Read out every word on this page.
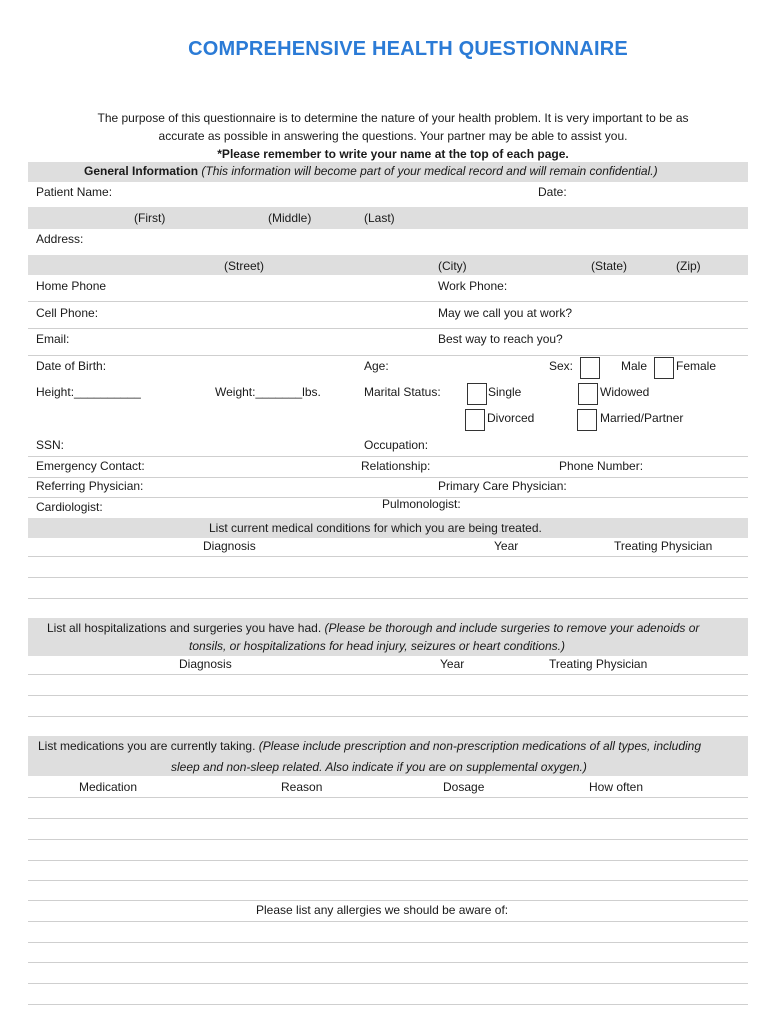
COMPREHENSIVE HEALTH QUESTIONNAIRE
The purpose of this questionnaire is to determine the nature of your health problem. It is very important to be as
accurate as possible in answering the questions. Your partner may be able to assist you.
*Please remember to write your name at the top of each page.
General Information (This information will become part of your medical record and will remain confidential.)
Patient Name:	Date:
(First)	(Middle)	(Last)
Address:
(Street)	(City)	(State)	(Zip)
Home Phone	Work Phone:
Cell Phone:	May we call you at work?
Email:	Best way to reach you?
Date of Birth:	Age:	Sex:	Male Female
Height:__________	Weight:_______lbs.	Marital Status:	Single	Widowed
Divorced	Married/Partner
SSN:	Occupation:
Emergency Contact:	Relationship:	Phone Number:
Referring Physician:	Primary Care Physician:
Cardiologist:	Pulmonologist:
List current medical conditions for which you are being treated.
Diagnosis	Year	Treating Physician
List all hospitalizations and surgeries you have had. (Please be thorough and include surgeries to remove your adenoids or
tonsils, or hospitalizations for head injury, seizures or heart conditions.)
Diagnosis	Year	Treating Physician
List medications you are currently taking. (Please include prescription and non-prescription medications of all types, including
sleep and non-sleep related. Also indicate if you are on supplemental oxygen.)
Medication	Reason	Dosage	How often
Please list any allergies we should be aware of:
